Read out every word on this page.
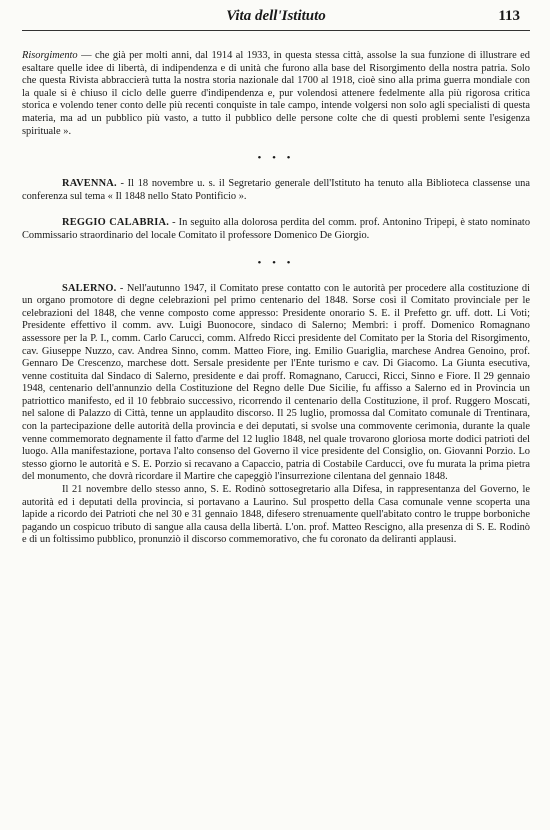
Vita dell'Istituto	113

Risorgimento — che già per molti anni, dal 1914 al 1933, in questa stessa città, assolse la sua funzione di illustrare ed esaltare quelle idee di libertà, di indipendenza e di unità che furono alla base del Risorgimento della nostra patria. Solo che questa Rivista abbraccierà tutta la nostra storia nazionale dal 1700 al 1918, cioè sino alla prima guerra mondiale con la quale si è chiuso il ciclo delle guerre d'indipendenza e, pur volendosi attenere fedelmente alla più rigorosa critica storica e volendo tener conto delle più recenti conquiste in tale campo, intende volgersi non solo agli specialisti di questa materia, ma ad un pubblico più vasto, a tutto il pubblico delle persone colte che di questi problemi sente l'esigenza spirituale ».

• • •

RAVENNA. - Il 18 novembre u. s. il Segretario generale dell'Istituto ha tenuto alla Biblioteca classense una conferenza sul tema « Il 1848 nello Stato Pontificio ».

REGGIO CALABRIA. - In seguito alla dolorosa perdita del comm. prof. Antonino Tripepi, è stato nominato Commissario straordinario del locale Comitato il professore Domenico De Giorgio.

• • •

SALERNO. - Nell'autunno 1947, il Comitato prese contatto con le autorità per procedere alla costituzione di un organo promotore di degne celebrazioni pel primo centenario del 1848. Sorse così il Comitato provinciale per le celebrazioni del 1848, che venne composto come appresso: Presidente onorario S. E. il Prefetto gr. uff. dott. Li Voti; Presidente effettivo il comm. avv. Luigi Buonocore, sindaco di Salerno; Membri: i proff. Domenico Romagnano assessore per la P. I., comm. Carlo Carucci, comm. Alfredo Ricci presidente del Comitato per la Storia del Risorgimento, cav. Giuseppe Nuzzo, cav. Andrea Sinno, comm. Matteo Fiore, ing. Emilio Guariglia, marchese Andrea Genoino, prof. Gennaro De Crescenzo, marchese dott. Sersale presidente per l'Ente turismo e cav. Di Giacomo. La Giunta esecutiva, venne costituita dal Sindaco di Salerno, presidente e dai proff. Romagnano, Carucci, Ricci, Sinno e Fiore. Il 29 gennaio 1948, centenario dell'annunzio della Costituzione del Regno delle Due Sicilie, fu affisso a Salerno ed in Provincia un patriottico manifesto, ed il 10 febbraio successivo, ricorrendo il centenario della Costituzione, il prof. Ruggero Moscati, nel salone di Palazzo di Città, tenne un applaudito discorso. Il 25 luglio, promossa dal Comitato comunale di Trentinara, con la partecipazione delle autorità della provincia e dei deputati, si svolse una commovente cerimonia, durante la quale venne commemorato degnamente il fatto d'arme del 12 luglio 1848, nel quale trovarono gloriosa morte dodici patrioti del luogo. Alla manifestazione, portava l'alto consenso del Governo il vice presidente del Consiglio, on. Giovanni Porzio. Lo stesso giorno le autorità e S. E. Porzio si recavano a Capaccio, patria di Costabile Carducci, ove fu murata la prima pietra del monumento, che dovrà ricordare il Martire che capeggiò l'insurrezione cilentana del gennaio 1848.

Il 21 novembre dello stesso anno, S. E. Rodinò sottosegretario alla Difesa, in rappresentanza del Governo, le autorità ed i deputati della provincia, si portavano a Laurino. Sul prospetto della Casa comunale venne scoperta una lapide a ricordo dei Patrioti che nel 30 e 31 gennaio 1848, difesero strenuamente quell'abitato contro le truppe borboniche pagando un cospicuo tributo di sangue alla causa della libertà. L'on. prof. Matteo Rescigno, alla presenza di S. E. Rodinò e di un foltissimo pubblico, pronunziò il discorso commemorativo, che fu coronato da deliranti applausi.
